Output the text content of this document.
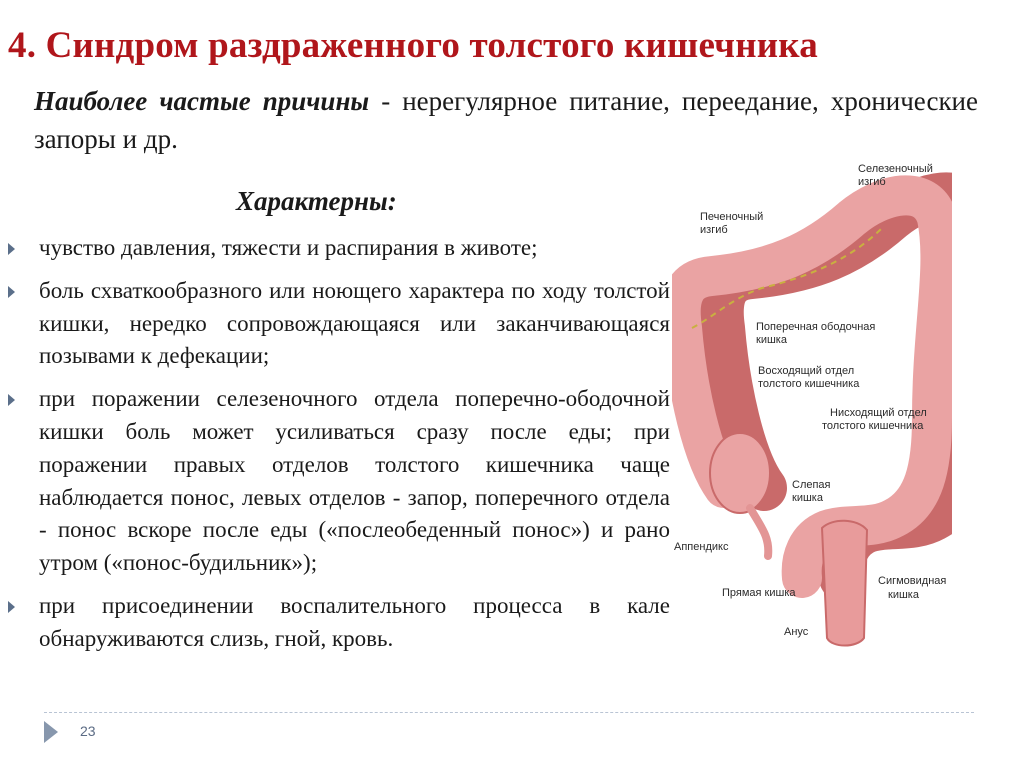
4. Синдром раздраженного толстого кишечника
Наиболее частые причины - нерегулярное питание, переедание, хронические запоры и др.
Характерны:
чувство давления, тяжести и распирания в животе;
боль схваткообразного или ноющего характера по ходу толстой кишки, нередко сопровождающаяся или заканчивающаяся позывами к дефекации;
при поражении селезеночного отдела поперечно-ободочной кишки боль может усиливаться сразу после еды; при поражении правых отделов толстого кишечника чаще наблюдается понос, левых отделов - запор, поперечного отдела - понос вскоре после еды («послеобеденный понос») и рано утром («понос-будильник»);
при присоединении воспалительного процесса в кале обнаруживаются слизь, гной, кровь.
Селезеночный
изгиб
Печеночный
изгиб
Поперечная ободочная
кишка
Восходящий отдел
толстого кишечника
Нисходящий отдел
толстого кишечника
Слепая
кишка
Аппендикс
Сигмовидная
кишка
Прямая кишка
Анус
23
